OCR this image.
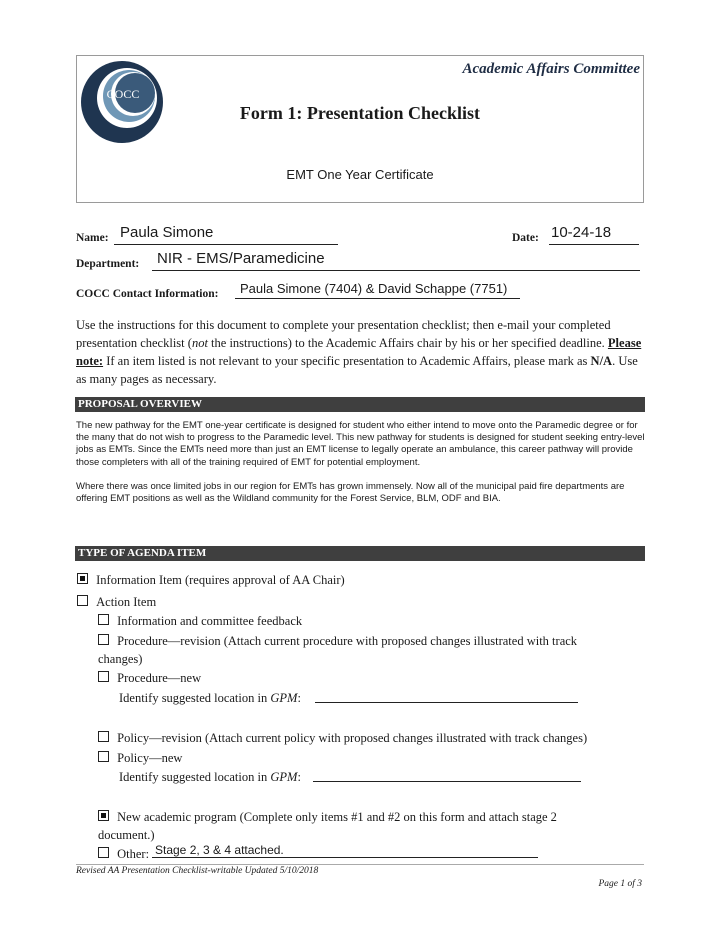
COCC
Academic Affairs Committee
Form 1: Presentation Checklist
EMT One Year Certificate
Name: Paula Simone	Date: 10-24-18
Department: NIR - EMS/Paramedicine
COCC Contact Information: Paula Simone (7404) & David Schappe (7751)

Use the instructions for this document to complete your presentation checklist; then e-mail your completed presentation checklist (not the instructions) to the Academic Affairs chair by his or her specified deadline. Please note: If an item listed is not relevant to your specific presentation to Academic Affairs, please mark as N/A. Use as many pages as necessary.

PROPOSAL OVERVIEW

The new pathway for the EMT one-year certificate is designed for student who either intend to move onto the Paramedic degree or for the many that do not wish to progress to the Paramedic level. This new pathway for students is designed for student seeking entry-level jobs as EMTs. Since the EMTs need more than just an EMT license to legally operate an ambulance, this career pathway will provide those completers with all of the training required of EMT for potential employment.

Where there was once limited jobs in our region for EMTs has grown immensely. Now all of the municipal paid fire departments are offering EMT positions as well as the Wildland community for the Forest Service, BLM, ODF and BIA.

TYPE OF AGENDA ITEM
Information Item (requires approval of AA Chair)
Action Item
Information and committee feedback
Procedure—revision (Attach current procedure with proposed changes illustrated with track
changes)
Procedure—new
Identify suggested location in GPM:
Policy—revision (Attach current policy with proposed changes illustrated with track changes)
Policy—new
Identify suggested location in GPM:
New academic program (Complete only items #1 and #2 on this form and attach stage 2
document.)
Other: Stage 2, 3 & 4 attached.
Revised AA Presentation Checklist-writable Updated 5/10/2018
Page 1 of 3
